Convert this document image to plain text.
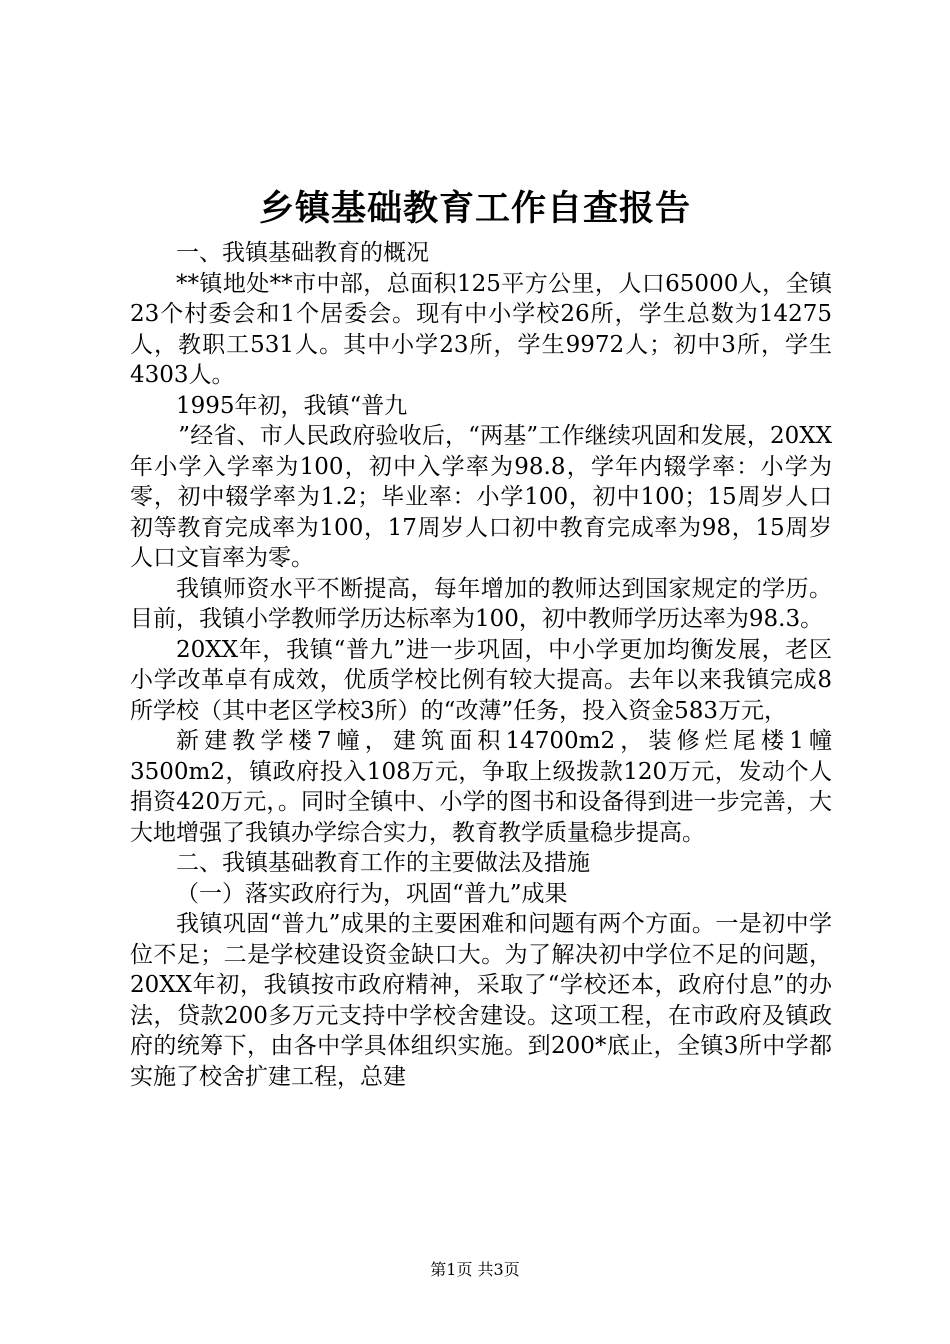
乡镇基础教育工作自查报告

一、我镇基础教育的概况

**镇地处**市中部，总面积125平方公里，人口65000人，全镇23个村委会和1个居委会。现有中小学校26所，学生总数为14275人，教职工531人。其中小学23所，学生9972人；初中3所，学生4303人。

1995年初，我镇“普九

”经省、市人民政府验收后，“两基”工作继续巩固和发展，20XX年小学入学率为100，初中入学率为98.8，学年内辍学率：小学为零，初中辍学率为1.2；毕业率：小学100，初中100；15周岁人口初等教育完成率为100，17周岁人口初中教育完成率为98，15周岁人口文盲率为零。

我镇师资水平不断提高，每年增加的教师达到国家规定的学历。目前，我镇小学教师学历达标率为100，初中教师学历达率为98.3。

20XX年，我镇“普九”进一步巩固，中小学更加均衡发展，老区小学改革卓有成效，优质学校比例有较大提高。去年以来我镇完成8所学校（其中老区学校3所）的“改薄”任务，投入资金583万元，

新建教学楼7幢，建筑面积14700m2，装修烂尾楼1幢3500m2，镇政府投入108万元，争取上级拨款120万元，发动个人捐资420万元，。同时全镇中、小学的图书和设备得到进一步完善，大大地增强了我镇办学综合实力，教育教学质量稳步提高。

二、我镇基础教育工作的主要做法及措施

（一）落实政府行为，巩固“普九”成果

我镇巩固“普九”成果的主要困难和问题有两个方面。一是初中学位不足；二是学校建设资金缺口大。为了解决初中学位不足的问题，20XX年初，我镇按市政府精神，采取了“学校还本，政府付息”的办法，贷款200多万元支持中学校舍建设。这项工程，在市政府及镇政府的统筹下，由各中学具体组织实施。到200*底止，全镇3所中学都实施了校舍扩建工程，总建

第1页 共3页
